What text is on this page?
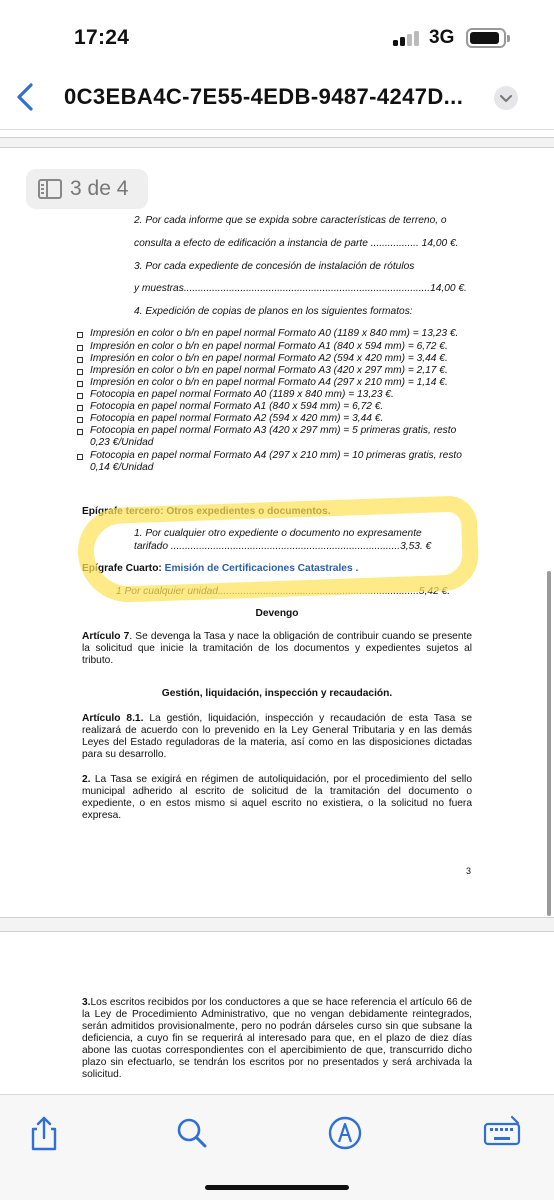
17:24	3G
0C3EBA4C-7E55-4EDB-9487-4247D...
3 de 4
2. Por cada informe que se expida sobre características de terreno, o
consulta a efecto de edificación a instancia de parte ................. 14,00 €.
3. Por cada expediente de concesión de instalación de rótulos
y muestras.......................................................................................14,00 €.
4. Expedición de copias de planos en los siguientes formatos:
Impresión en color o b/n en papel normal Formato A0 (1189 x 840 mm) = 13,23 €.
Impresión en color o b/n en papel normal Formato A1 (840 x 594 mm) = 6,72 €.
Impresión en color o b/n en papel normal Formato A2 (594 x 420 mm) = 3,44 €.
Impresión en color o b/n en papel normal Formato A3 (420 x 297 mm) = 2,17 €.
Impresión en color o b/n en papel normal Formato A4 (297 x 210 mm) = 1,14 €.
Fotocopia en papel normal Formato A0 (1189 x 840 mm) = 13,23 €.
Fotocopia en papel normal Formato A1 (840 x 594 mm) = 6,72 €.
Fotocopia en papel normal Formato A2 (594 x 420 mm) = 3,44 €.
Fotocopia en papel normal Formato A3 (420 x 297 mm) = 5 primeras gratis, resto 0,23 €/Unidad
Fotocopia en papel normal Formato A4 (297 x 210 mm) = 10 primeras gratis, resto 0,14 €/Unidad
Epígrafe tercero: Otros expedientes o documentos.
1. Por cualquier otro expediente o documento no expresamente
tarifado .................................................................................3,53. €
Epígrafe Cuarto: Emisión de Certificaciones Catastrales .
1 Por cualquier unidad.......................................................................5,42 €.
Devengo
Artículo 7. Se devenga la Tasa y nace la obligación de contribuir cuando se presente la solicitud que inicie la tramitación de los documentos y expedientes sujetos al tributo.
Gestión, liquidación, inspección y recaudación.
Artículo 8.1. La gestión, liquidación, inspección y recaudación de esta Tasa se realizará de acuerdo con lo prevenido en la Ley General Tributaria y en las demás Leyes del Estado reguladoras de la materia, así como en las disposiciones dictadas para su desarrollo.
2. La Tasa se exigirá en régimen de autoliquidación, por el procedimiento del sello municipal adherido al escrito de solicitud de la tramitación del documento o expediente, o en estos mismo si aquel escrito no existiera, o la solicitud no fuera expresa.
3
3.Los escritos recibidos por los conductores a que se hace referencia el artículo 66 de la Ley de Procedimiento Administrativo, que no vengan debidamente reintegrados, serán admitidos provisionalmente, pero no podrán dárseles curso sin que subsane la deficiencia, a cuyo fin se requerirá al interesado para que, en el plazo de diez días abone las cuotas correspondientes con el apercibimiento de que, transcurrido dicho plazo sin efectuarlo, se tendrán los escritos por no presentados y será archivada la solicitud.
